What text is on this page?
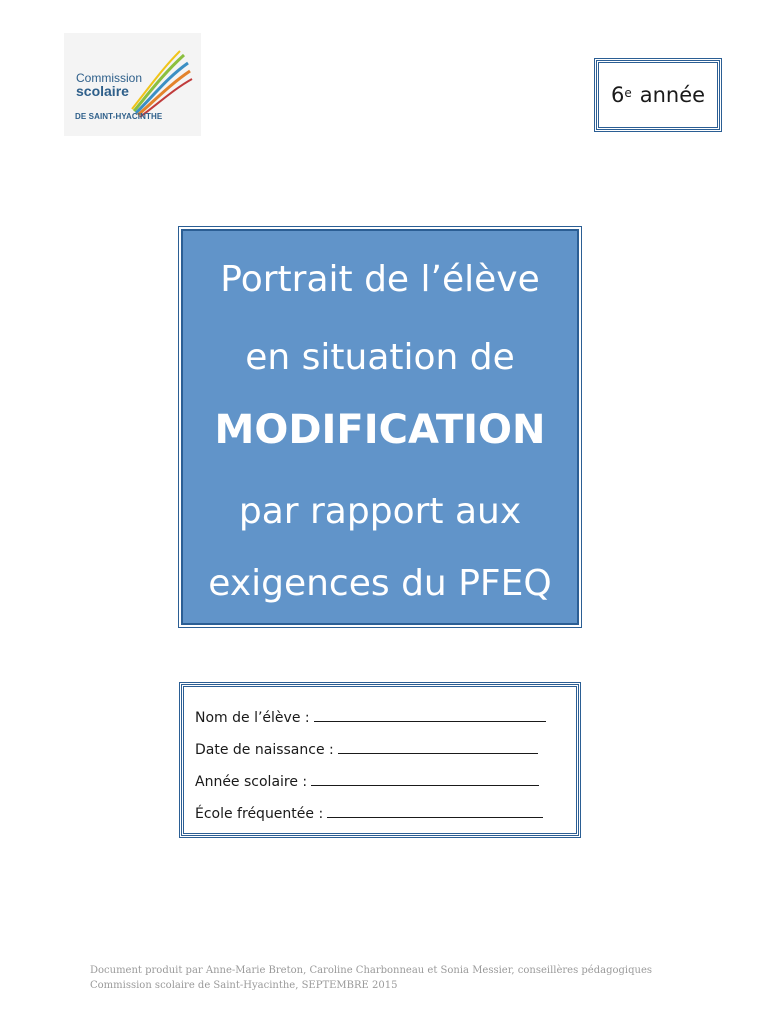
Commission
scolaire
DE SAINT-HYACINTHE
6e année
Portrait de l’élève
en situation de
MODIFICATION
par rapport aux
exigences du PFEQ
Nom de l’élève :
Date de naissance :
Année scolaire :
École fréquentée :
Document produit par Anne-Marie Breton, Caroline Charbonneau et Sonia Messier, conseillères pédagogiques
Commission scolaire de Saint-Hyacinthe, SEPTEMBRE 2015
